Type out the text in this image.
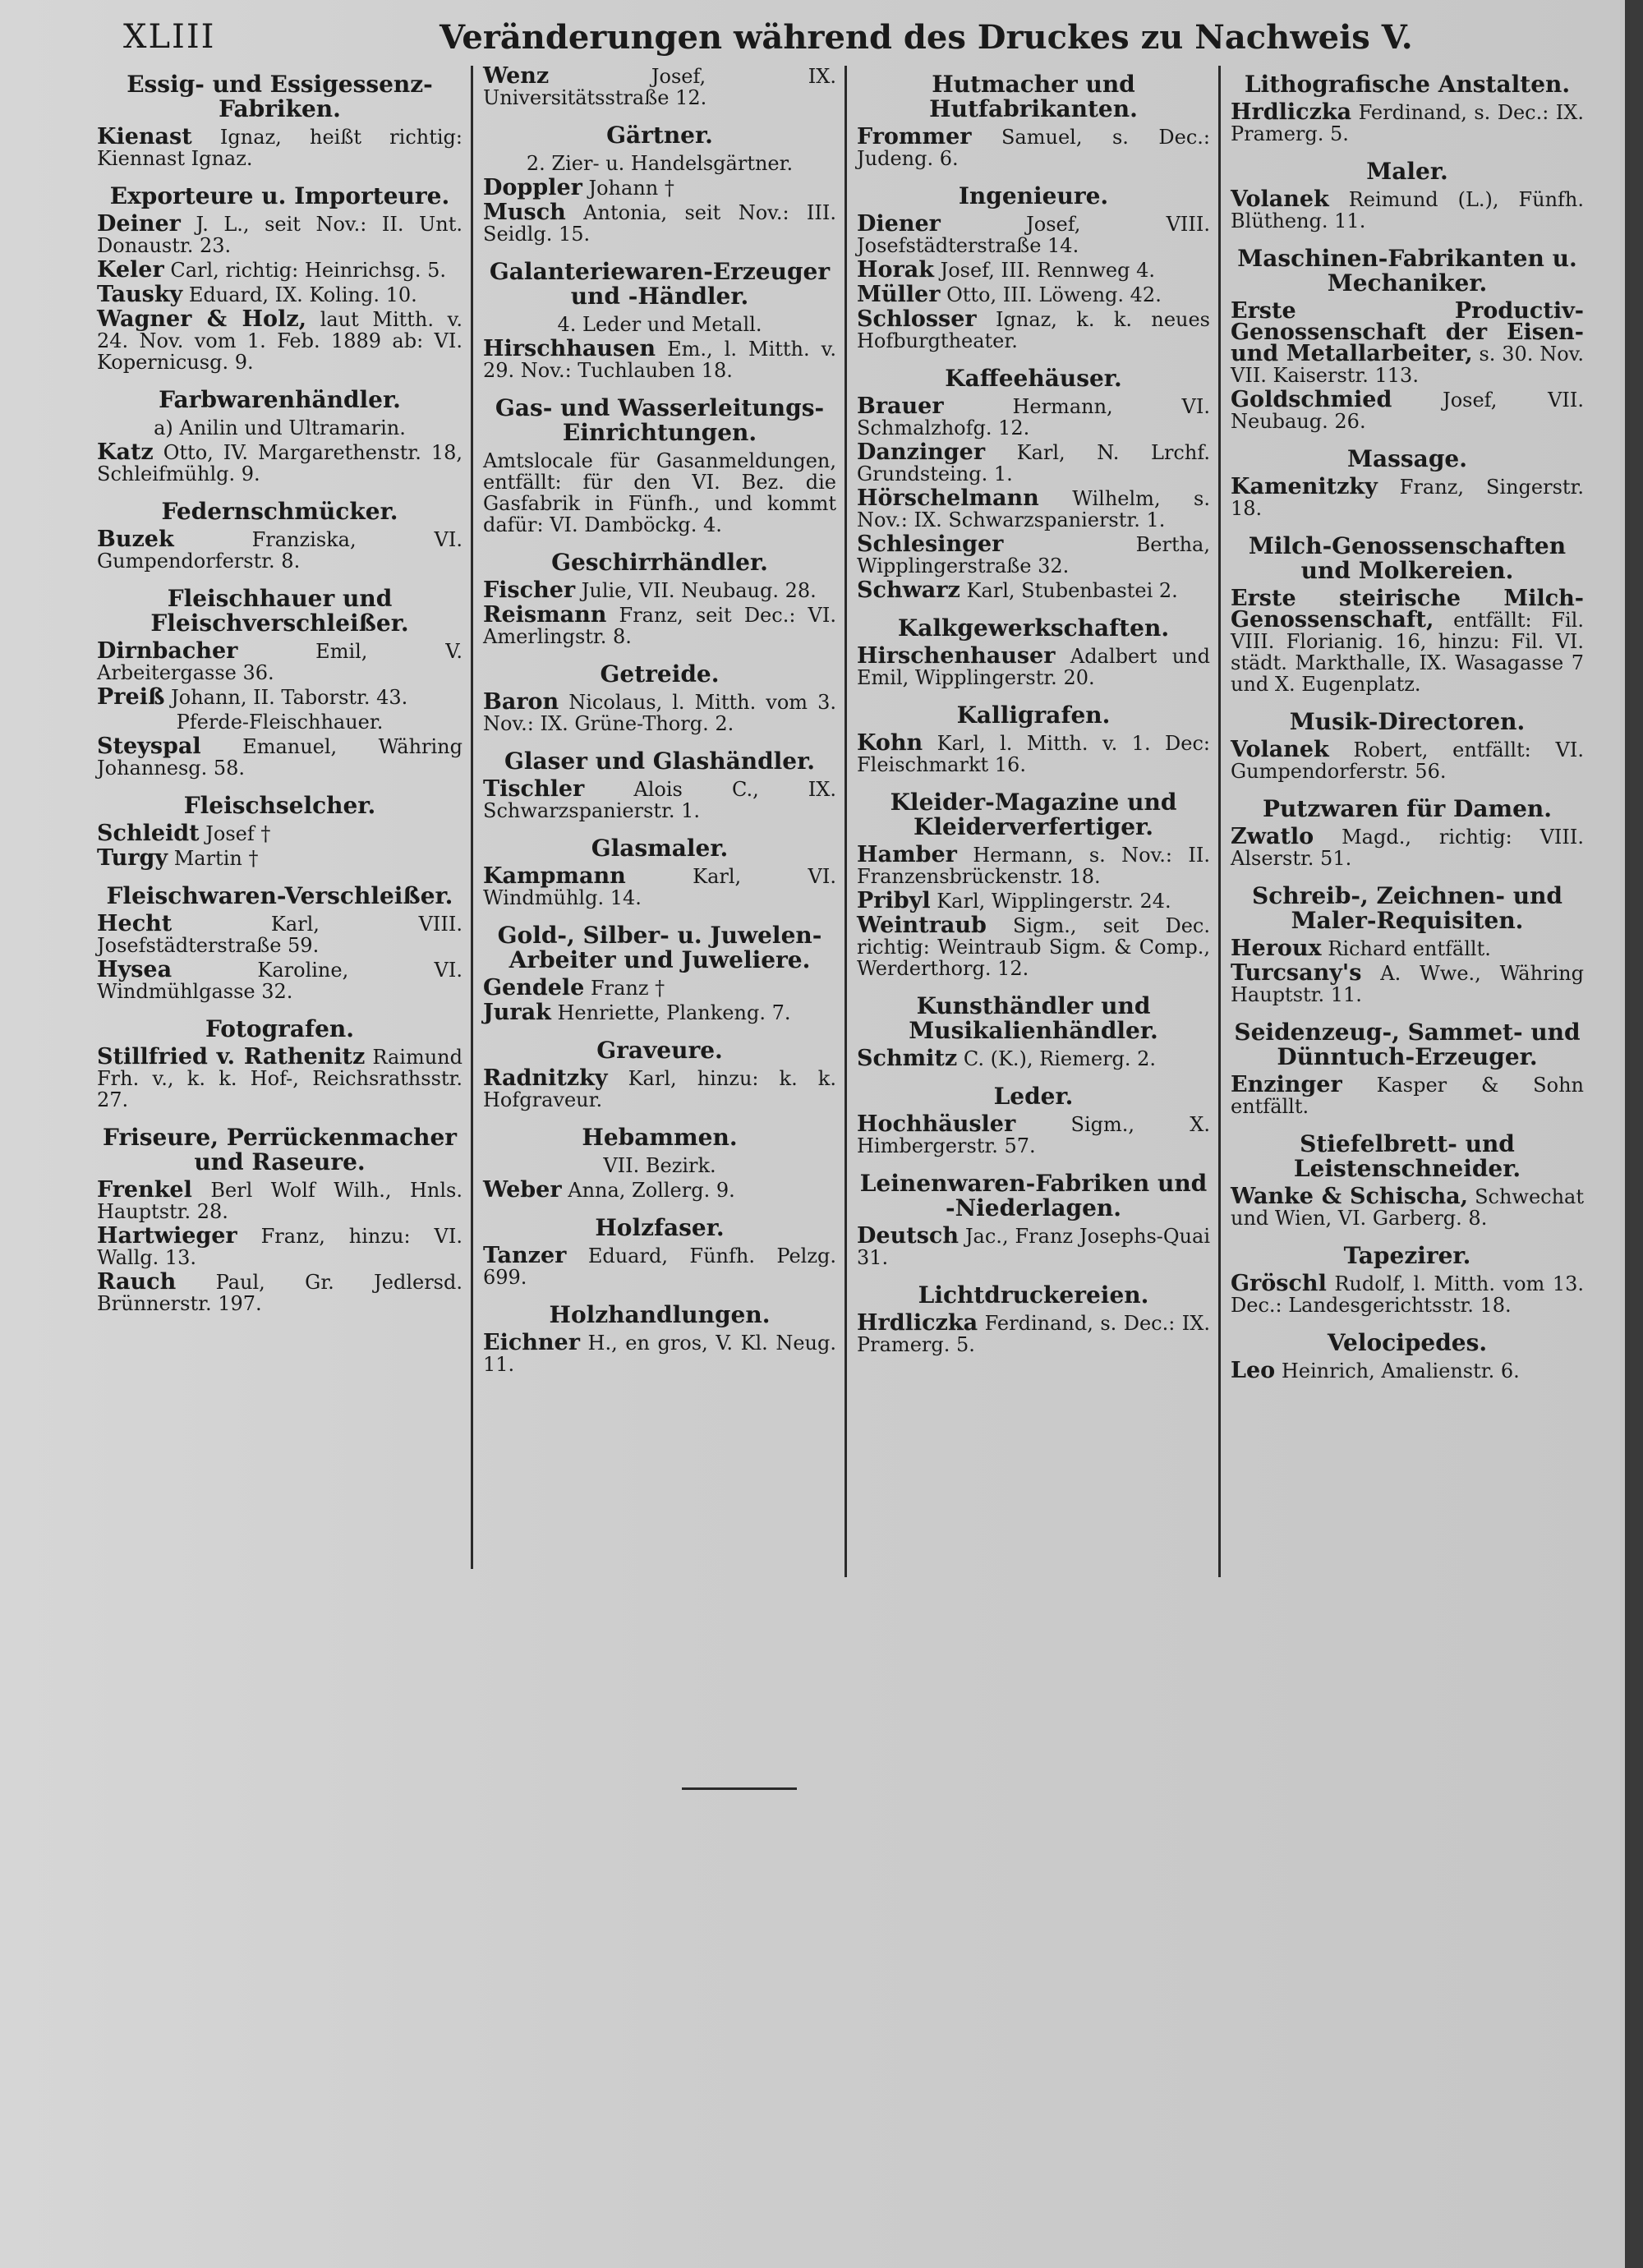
XLIII	Veränderungen während des Druckes zu Nachweis V.
Essig- und Essigessenz-Fabriken.
Kienast Ignaz, heißt richtig: Kiennast Ignaz.
Exporteure u. Importeure.
Deiner J. L., seit Nov.: II. Unt. Donaustr. 23.
Keler Carl, richtig: Heinrichsg. 5.
Tausky Eduard, IX. Koling. 10.
Wagner & Holz, laut Mitth. v. 24. Nov. vom 1. Feb. 1889 ab: VI. Kopernicusg. 9.
Farbwarenhändler.
a) Anilin und Ultramarin.
Katz Otto, IV. Margarethenstr. 18, Schleifmühlg. 9.
Federnschmücker.
Buzek	Franziska, VI. Gumpendorferstr. 8.
Fleischhauer und Fleischverschleißer.
Dirnbacher	Emil, V. Arbeitergasse 36.
Preiß Johann, II. Taborstr. 43.
Pferde-Fleischhauer.
Steyspal Emanuel, Währing Johannesg. 58.
Fleischselcher.
Schleidt Josef †
Turgy Martin †
Fleischwaren-Verschleißer.
Hecht	Karl, VIII. Josefstädterstraße 59.
Hysea	Karoline, VI. Windmühlgasse 32.
Fotografen.
Stillfried v. Rathenitz Raimund Frh. v., k. k. Hof-, Reichsrathsstr. 27.
Friseure, Perrückenmacher und Raseure.
Frenkel Berl Wolf Wilh., Hnls. Hauptstr. 28.
Hartwieger Franz, hinzu: VI. Wallg. 13.
Rauch Paul, Gr. Jedlersd. Brünnerstr. 197.
Wenz	Josef, IX. Universitätsstraße 12.
Gärtner.
2. Zier- u. Handelsgärtner.
Doppler Johann †
Musch Antonia, seit Nov.: III. Seidlg. 15.
Galanteriewaren-Erzeuger und -Händler.
4. Leder und Metall.
Hirschhausen Em., l. Mitth. v. 29. Nov.: Tuchlauben 18.
Gas- und Wasserleitungs-Einrichtungen.
Amtslocale für Gasanmeldungen, entfällt: für den VI. Bez. die Gasfabrik in Fünfh., und kommt dafür: VI. Damböckg. 4.
Geschirrhändler.
Fischer Julie, VII. Neubaug. 28.
Reismann Franz, seit Dec.: VI. Amerlingstr. 8.
Getreide.
Baron Nicolaus, l. Mitth. vom 3. Nov.: IX. Grüne-Thorg. 2.
Glaser und Glashändler.
Tischler	Alois C., IX. Schwarzspanierstr. 1.
Glasmaler.
Kampmann	Karl, VI. Windmühlg. 14.
Gold-, Silber- u. Juwelen-Arbeiter und Juweliere.
Gendele Franz †
Jurak Henriette, Plankeng. 7.
Graveure.
Radnitzky Karl, hinzu: k. k. Hofgraveur.
Hebammen.
VII. Bezirk.
Weber Anna, Zollerg. 9.
Holzfaser.
Tanzer Eduard, Fünfh. Pelzg. 699.
Holzhandlungen.
Eichner H., en gros, V. Kl. Neug. 11.
Hutmacher und Hutfabrikanten.
Frommer Samuel, s. Dec.: Judeng. 6.
Ingenieure.
Diener	Josef, VIII. Josefstädterstraße 14.
Horak Josef, III. Rennweg 4.
Müller Otto, III. Löweng. 42.
Schlosser Ignaz, k. k. neues Hofburgtheater.
Kaffeehäuser.
Brauer	Hermann, VI. Schmalzhofg. 12.
Danzinger Karl, N. Lrchf. Grundsteing. 1.
Hörschelmann Wilhelm, s. Nov.: IX. Schwarzspanierstr. 1.
Schlesinger	Bertha, Wipplingerstraße 32.
Schwarz Karl, Stubenbastei 2.
Kalkgewerkschaften.
Hirschenhauser Adalbert und Emil, Wipplingerstr. 20.
Kalligrafen.
Kohn Karl, l. Mitth. v. 1. Dec: Fleischmarkt 16.
Kleider-Magazine und Kleiderverfertiger.
Hamber Hermann, s. Nov.: II. Franzensbrückenstr. 18.
Pribyl Karl, Wipplingerstr. 24.
Weintraub Sigm., seit Dec. richtig: Weintraub Sigm. & Comp., Werderthorg. 12.
Kunsthändler und Musikalienhändler.
Schmitz C. (K.), Riemerg. 2.
Leder.
Hochhäusler	Sigm., X. Himbergerstr. 57.
Leinenwaren-Fabriken und -Niederlagen.
Deutsch Jac., Franz Josephs-Quai 31.
Lichtdruckereien.
Hrdliczka Ferdinand, s. Dec.: IX. Pramerg. 5.
Lithografische Anstalten.
Hrdliczka Ferdinand, s. Dec.: IX. Pramerg. 5.
Maler.
Volanek Reimund (L.), Fünfh. Blütheng. 11.
Maschinen-Fabrikanten u. Mechaniker.
Erste Productiv-Genossenschaft der Eisen- und Metallarbeiter, s. 30. Nov. VII. Kaiserstr. 113.
Goldschmied	Josef, VII. Neubaug. 26.
Massage.
Kamenitzky Franz, Singerstr. 18.
Milch-Genossenschaften und Molkereien.
Erste steirische Milch-Genossenschaft, entfällt: Fil. VIII. Florianig. 16, hinzu: Fil. VI. städt. Markthalle, IX. Wasagasse 7 und X. Eugenplatz.
Musik-Directoren.
Volanek Robert, entfällt: VI. Gumpendorferstr. 56.
Putzwaren für Damen.
Zwatlo Magd., richtig: VIII. Alserstr. 51.
Schreib-, Zeichnen- und Maler-Requisiten.
Heroux Richard entfällt.
Turcsany's A. Wwe., Währing Hauptstr. 11.
Seidenzeug-, Sammet- und Dünntuch-Erzeuger.
Enzinger Kasper & Sohn entfällt.
Stiefelbrett- und Leistenschneider.
Wanke & Schischa, Schwechat und Wien, VI. Garberg. 8.
Tapezirer.
Gröschl Rudolf, l. Mitth. vom 13. Dec.: Landesgerichtsstr. 18.
Velocipedes.
Leo Heinrich, Amalienstr. 6.
